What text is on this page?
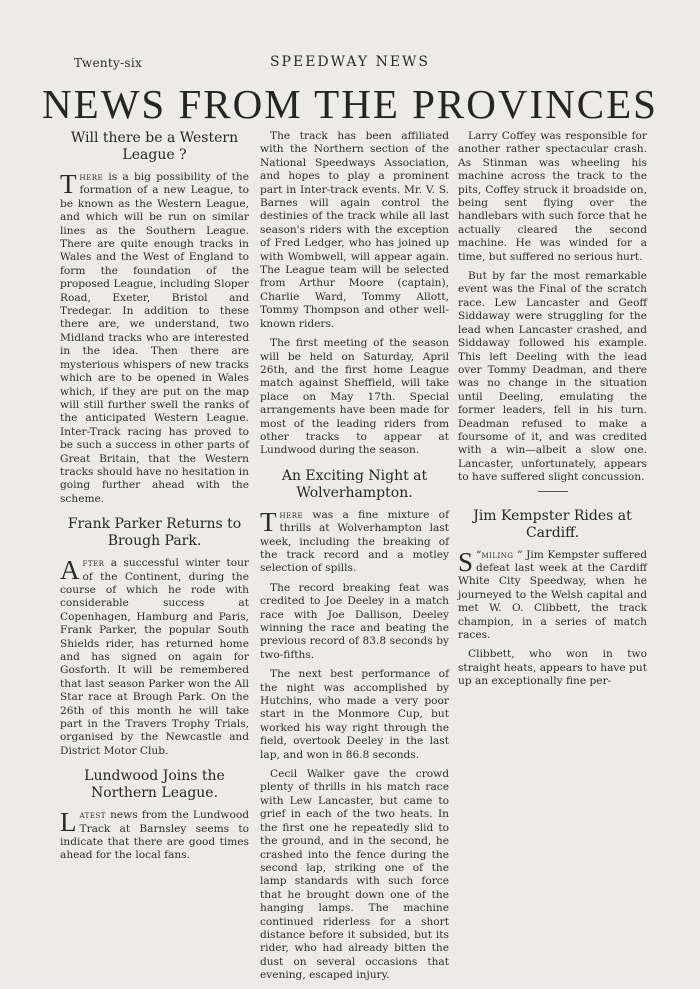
Twenty-six	SPEEDWAY NEWS
NEWS FROM THE PROVINCES
Will there be a Western League ?

There is a big possibility of the formation of a new League, to be known as the Western League, and which will be run on similar lines as the Southern League. There are quite enough tracks in Wales and the West of England to form the foundation of the proposed League, including Sloper Road, Exeter, Bristol and Tredegar. In addition to these there are, we understand, two Midland tracks who are interested in the idea. Then there are mysterious whispers of new tracks which are to be opened in Wales which, if they are put on the map will still further swell the ranks of the anticipated Western League. Inter-Track racing has proved to be such a success in other parts of Great Britain, that the Western tracks should have no hesitation in going further ahead with the scheme.

Frank Parker Returns to Brough Park.

After a successful winter tour of the Continent, during the course of which he rode with considerable success at Copenhagen, Hamburg and Paris, Frank Parker, the popular South Shields rider, has returned home and has signed on again for Gosforth. It will be remembered that last season Parker won the All Star race at Brough Park. On the 26th of this month he will take part in the Travers Trophy Trials, organised by the Newcastle and District Motor Club.

Lundwood Joins the Northern League.

Latest news from the Lundwood Track at Barnsley seems to indicate that there are good times ahead for the local fans.

The track has been affiliated with the Northern section of the National Speedways Association, and hopes to play a prominent part in Inter-track events. Mr. V. S. Barnes will again control the destinies of the track while all last season's riders with the exception of Fred Ledger, who has joined up with Wombwell, will appear again. The League team will be selected from Arthur Moore (captain), Charlie Ward, Tommy Allott, Tommy Thompson and other well-known riders.

The first meeting of the season will be held on Saturday, April 26th, and the first home League match against Sheffield, will take place on May 17th. Special arrangements have been made for most of the leading riders from other tracks to appear at Lundwood during the season.

An Exciting Night at Wolverhampton.

There was a fine mixture of thrills at Wolverhampton last week, including the breaking of the track record and a motley selection of spills.

The record breaking feat was credited to Joe Deeley in a match race with Joe Dallison, Deeley winning the race and beating the previous record of 83.8 seconds by two-fifths.

The next best performance of the night was accomplished by Hutchins, who made a very poor start in the Monmore Cup, but worked his way right through the field, overtook Deeley in the last lap, and won in 86.8 seconds.

Cecil Walker gave the crowd plenty of thrills in his match race with Lew Lancaster, but came to grief in each of the two heats. In the first one he repeatedly slid to the ground, and in the second, he crashed into the fence during the second lap, striking one of the lamp standards with such force that he brought down one of the hanging lamps. The machine continued riderless for a short distance before it subsided, but its rider, who had already bitten the dust on several occasions that evening, escaped injury.

Larry Coffey was responsible for another rather spectacular crash. As Stinman was wheeling his machine across the track to the pits, Coffey struck it broadside on, being sent flying over the handlebars with such force that he actually cleared the second machine. He was winded for a time, but suffered no serious hurt.

But by far the most remarkable event was the Final of the scratch race. Lew Lancaster and Geoff Siddaway were struggling for the lead when Lancaster crashed, and Siddaway followed his example. This left Deeling with the lead over Tommy Deadman, and there was no change in the situation until Deeling, emulating the former leaders, fell in his turn. Deadman refused to make a foursome of it, and was credited with a win—albeit a slow one. Lancaster, unfortunately, appears to have suffered slight concussion.

Jim Kempster Rides at Cardiff.

“
S miling ” Jim Kempster suffered defeat last week at the Cardiff White City Speedway, when he journeyed to the Welsh capital and met W. O. Clibbett, the track champion, in a series of match races.

Clibbett, who won in two straight heats, appears to have put up an exceptionally fine per-
